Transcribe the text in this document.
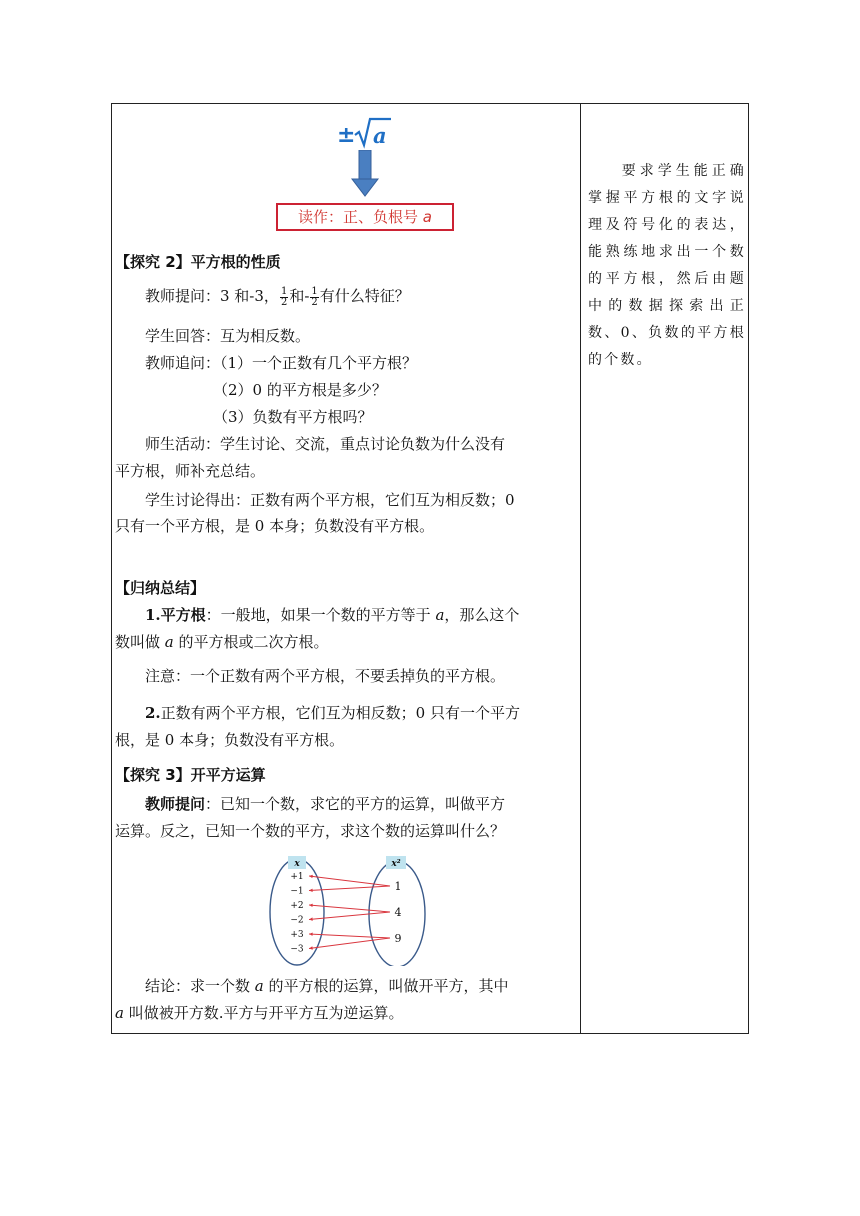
± a
读作：正、负根号 a
【探究 2】平方根的性质
教师提问：3 和-3， $\frac{1}{2}$ 和- $\frac{1}{2}$ 有什么特征？
学生回答：互为相反数。
教师追问：（1）一个正数有几个平方根？
（2）0 的平方根是多少？
（3）负数有平方根吗？
师生活动：学生讨论、交流，重点讨论负数为什么没有
平方根，师补充总结。
学生讨论得出：正数有两个平方根，它们互为相反数；0
只有一个平方根，是 0 本身；负数没有平方根。
【归纳总结】
1.平方根：一般地，如果一个数的平方等于 a，那么这个
数叫做 a 的平方根或二次方根。
注意：一个正数有两个平方根，不要丢掉负的平方根。
2.正数有两个平方根，它们互为相反数；0 只有一个平方
根，是 0 本身；负数没有平方根。
【探究 3】开平方运算
教师提问：已知一个数，求它的平方的运算，叫做平方
运算。反之，已知一个数的平方，求这个数的运算叫什么？
x	x²
+1
−1
+2
−2
+3
−3
1
4
9
结论：求一个数 a 的平方根的运算，叫做开平方，其中
a 叫做被开方数.平方与开平方互为逆运算。
要求学生能正确掌握平方根的文字说理及符号化的表达，能熟练地求出一个数的平方根，然后由题中的数据探索出正数、0、负数的平方根的个数。
